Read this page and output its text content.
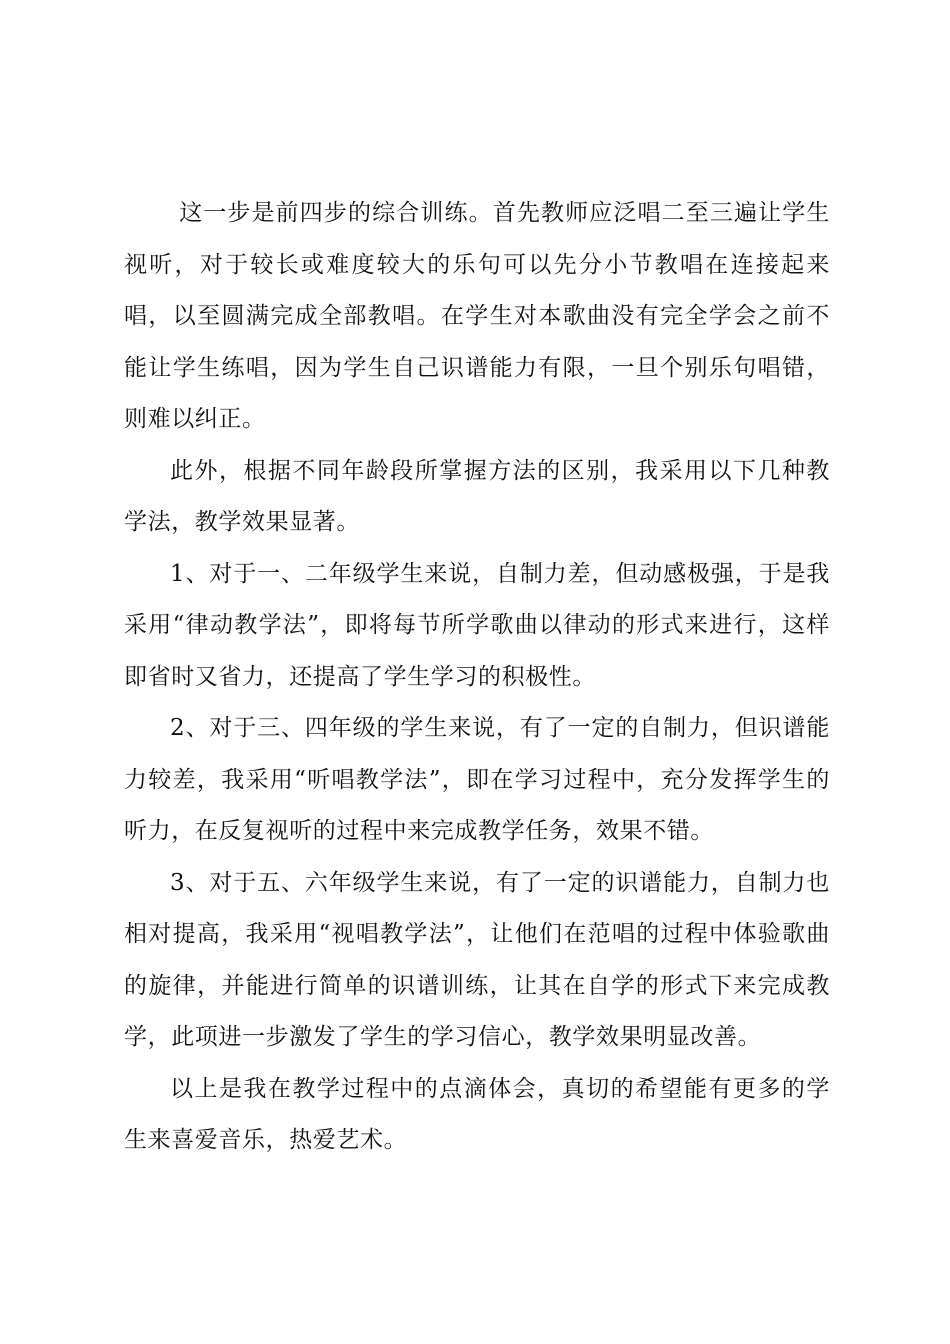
这一步是前四步的综合训练。首先教师应泛唱二至三遍让学生视听，对于较长或难度较大的乐句可以先分小节教唱在连接起来唱，以至圆满完成全部教唱。在学生对本歌曲没有完全学会之前不能让学生练唱，因为学生自己识谱能力有限，一旦个别乐句唱错，则难以纠正。

此外，根据不同年龄段所掌握方法的区别，我采用以下几种教学法，教学效果显著。

1、对于一、二年级学生来说，自制力差，但动感极强，于是我采用“律动教学法”，即将每节所学歌曲以律动的形式来进行，这样即省时又省力，还提高了学生学习的积极性。

2、对于三、四年级的学生来说，有了一定的自制力，但识谱能力较差，我采用“听唱教学法”，即在学习过程中，充分发挥学生的听力，在反复视听的过程中来完成教学任务，效果不错。

3、对于五、六年级学生来说，有了一定的识谱能力，自制力也相对提高，我采用“视唱教学法”，让他们在范唱的过程中体验歌曲的旋律，并能进行简单的识谱训练，让其在自学的形式下来完成教学，此项进一步激发了学生的学习信心，教学效果明显改善。

以上是我在教学过程中的点滴体会，真切的希望能有更多的学生来喜爱音乐，热爱艺术。
